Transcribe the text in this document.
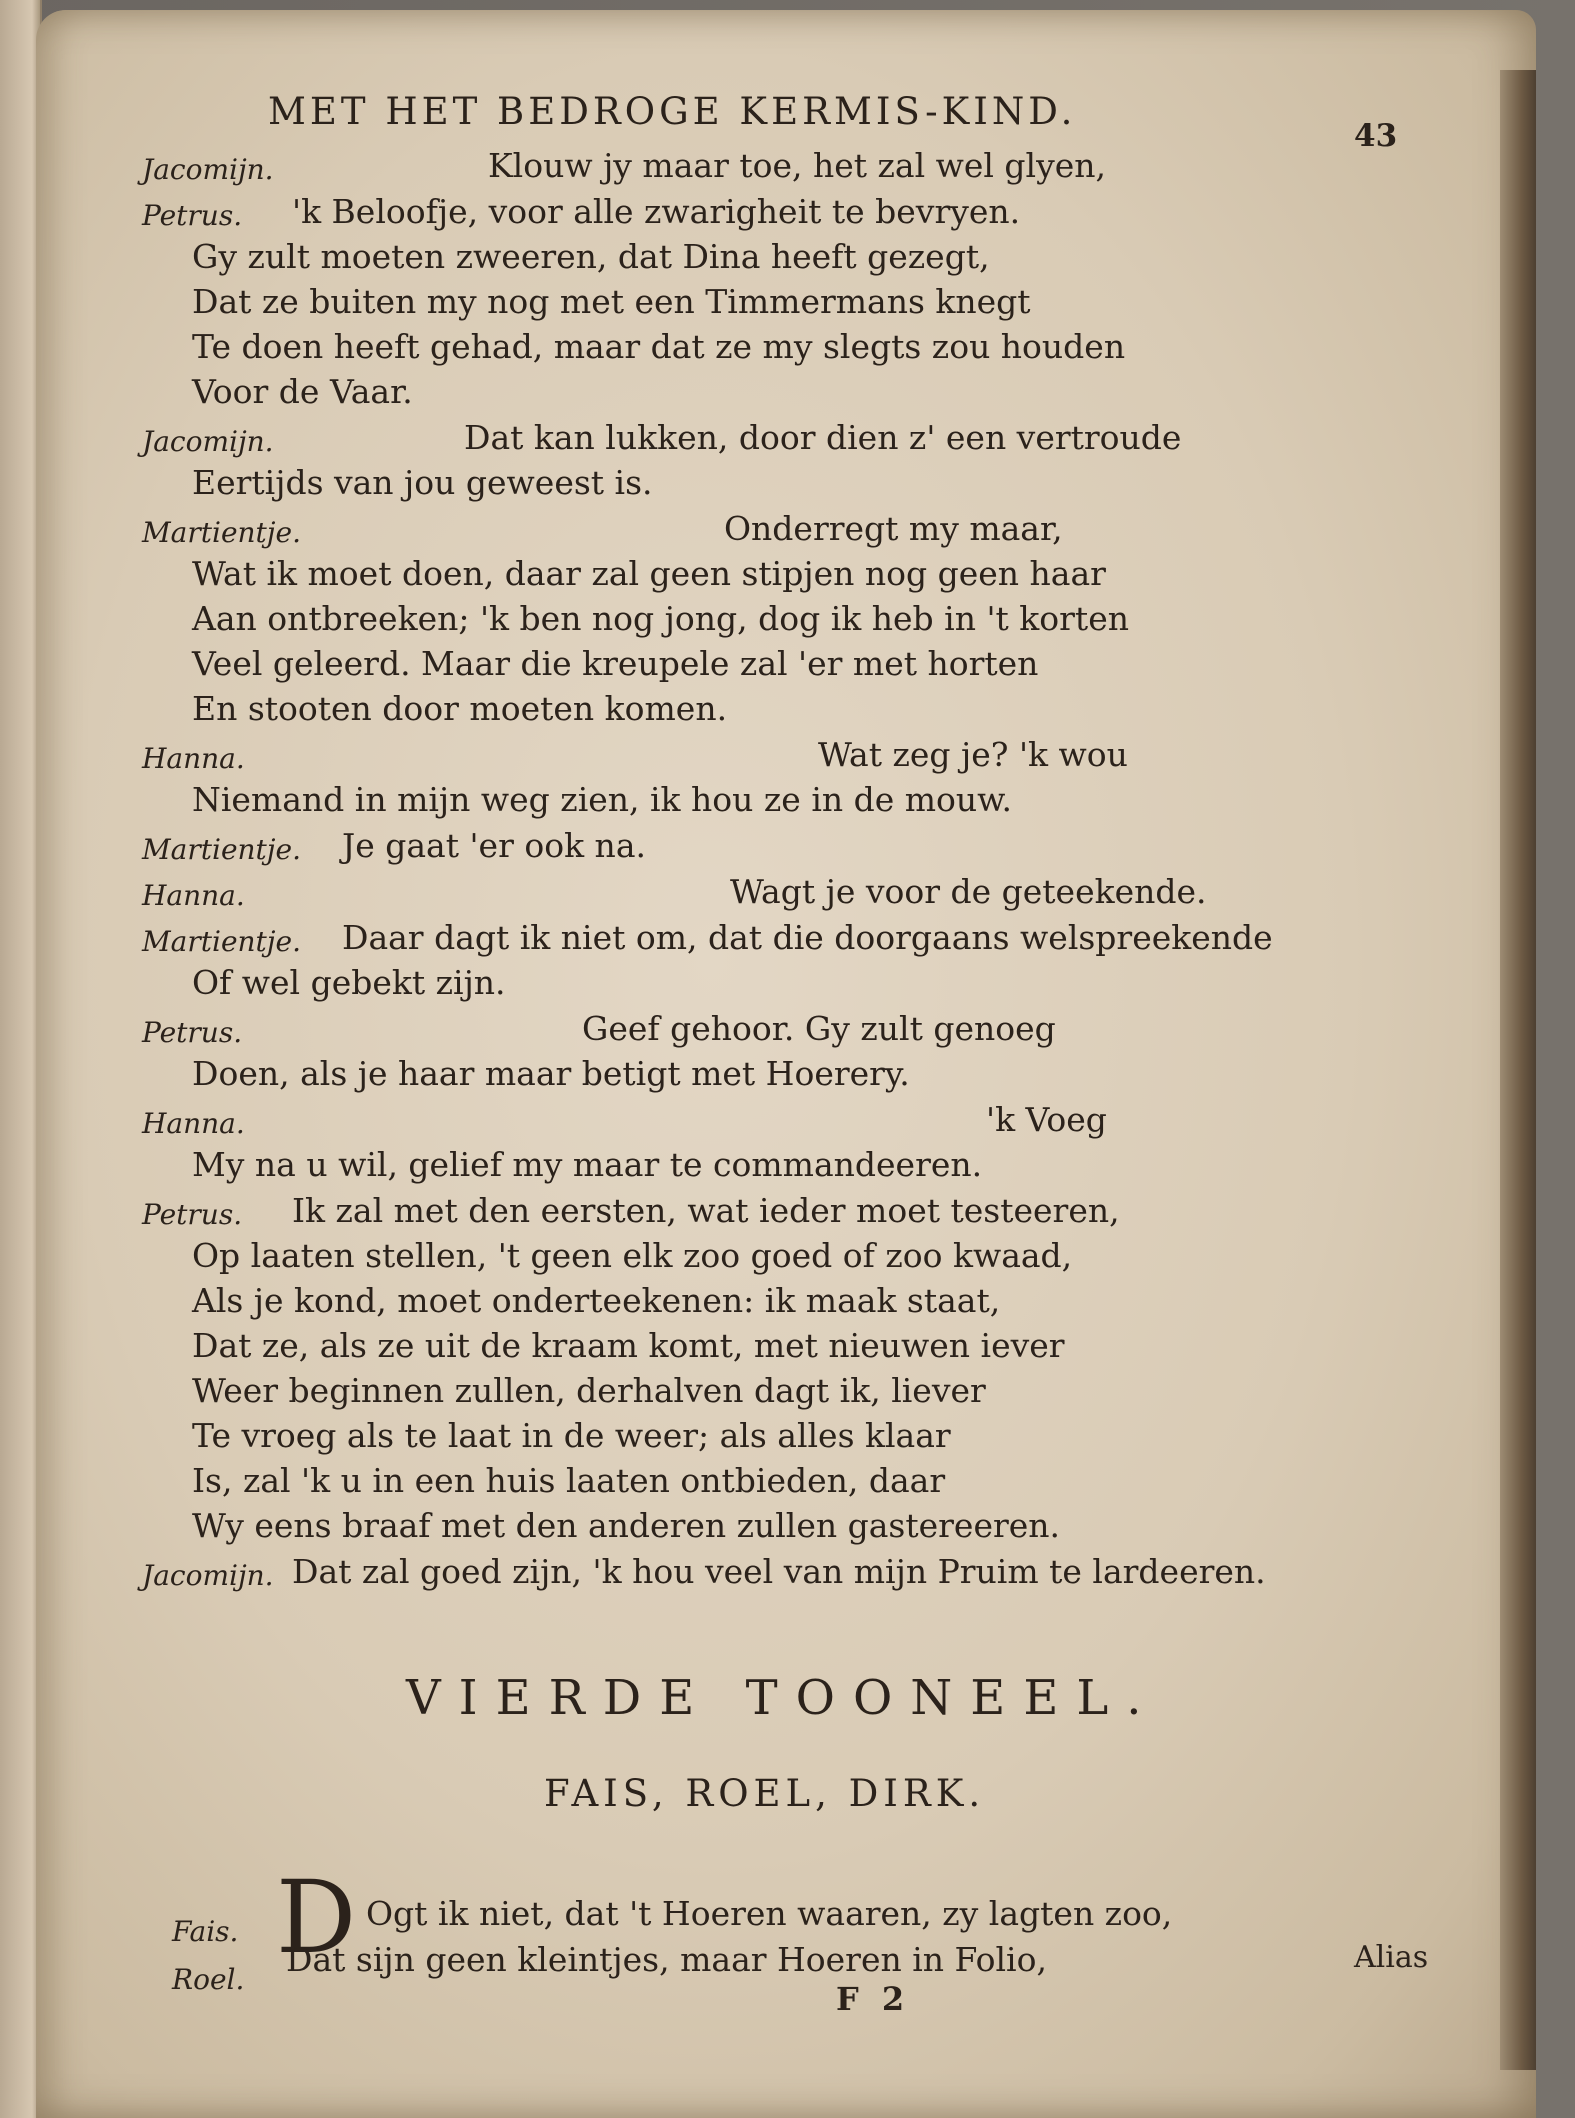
MET HET BEDROGE KERMIS-KIND.
43
Jacomijn.	Klouw jy maar toe, het zal wel glyen,
Petrus. 'k Beloofje, voor alle zwarigheit te bevryen.
Gy zult moeten zweeren, dat Dina heeft gezegt,
Dat ze buiten my nog met een Timmermans knegt
Te doen heeft gehad, maar dat ze my slegts zou houden
Voor de Vaar.
Jacomijn.	Dat kan lukken, door dien z' een vertroude
Eertijds van jou geweest is.
Martientje.	Onderregt my maar,
Wat ik moet doen, daar zal geen stipjen nog geen haar
Aan ontbreeken; 'k ben nog jong, dog ik heb in 't korten
Veel geleerd. Maar die kreupele zal 'er met horten
En stooten door moeten komen.
Hanna.	Wat zeg je? 'k wou
Niemand in mijn weg zien, ik hou ze in de mouw.
Martientje. Je gaat 'er ook na.
Hanna.	Wagt je voor de geteekende.
Martientje. Daar dagt ik niet om, dat die doorgaans welspreekende
Of wel gebekt zijn.
Petrus.	Geef gehoor. Gy zult genoeg
Doen, als je haar maar betigt met Hoerery.
Hanna.	'k Voeg
My na u wil, gelief my maar te commandeeren.
Petrus. Ik zal met den eersten, wat ieder moet testeeren,
Op laaten stellen, 't geen elk zoo goed of zoo kwaad,
Als je kond, moet onderteekenen: ik maak staat,
Dat ze, als ze uit de kraam komt, met nieuwen iever
Weer beginnen zullen, derhalven dagt ik, liever
Te vroeg als te laat in de weer; als alles klaar
Is, zal 'k u in een huis laaten ontbieden, daar
Wy eens braaf met den anderen zullen gastereeren.
Jacomijn. Dat zal goed zijn, 'k hou veel van mijn Pruim te lardeeren.
VIERDE TOONEEL.
FAIS, ROEL, DIRK.
Fais. D Ogt ik niet, dat 't Hoeren waaren, zy lagten zoo,
Roel.
Dat sijn geen kleintjes, maar Hoeren in Folio,	Alias
F 2
